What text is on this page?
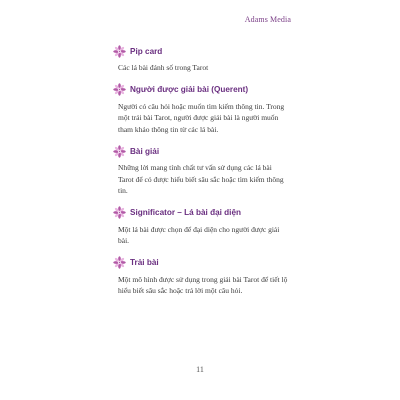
Adams Media
Pip card

Các lá bài đánh số trong Tarot

Người được giải bài (Querent)

Người có câu hỏi hoặc muốn tìm kiếm thông tin. Trong một trải bài Tarot, người được giải bài là người muốn tham khảo thông tin từ các lá bài.

Bài giải

Những lời mang tính chất tư vấn sử dụng các lá bài Tarot để có được hiểu biết sâu sắc hoặc tìm kiếm thông tin.

Significator – Lá bài đại diện

Một lá bài được chọn để đại diện cho người được giải bài.

Trải bài

Một mô hình được sử dụng trong giải bài Tarot để tiết lộ hiểu biết sâu sắc hoặc trả lời một câu hỏi.

11
